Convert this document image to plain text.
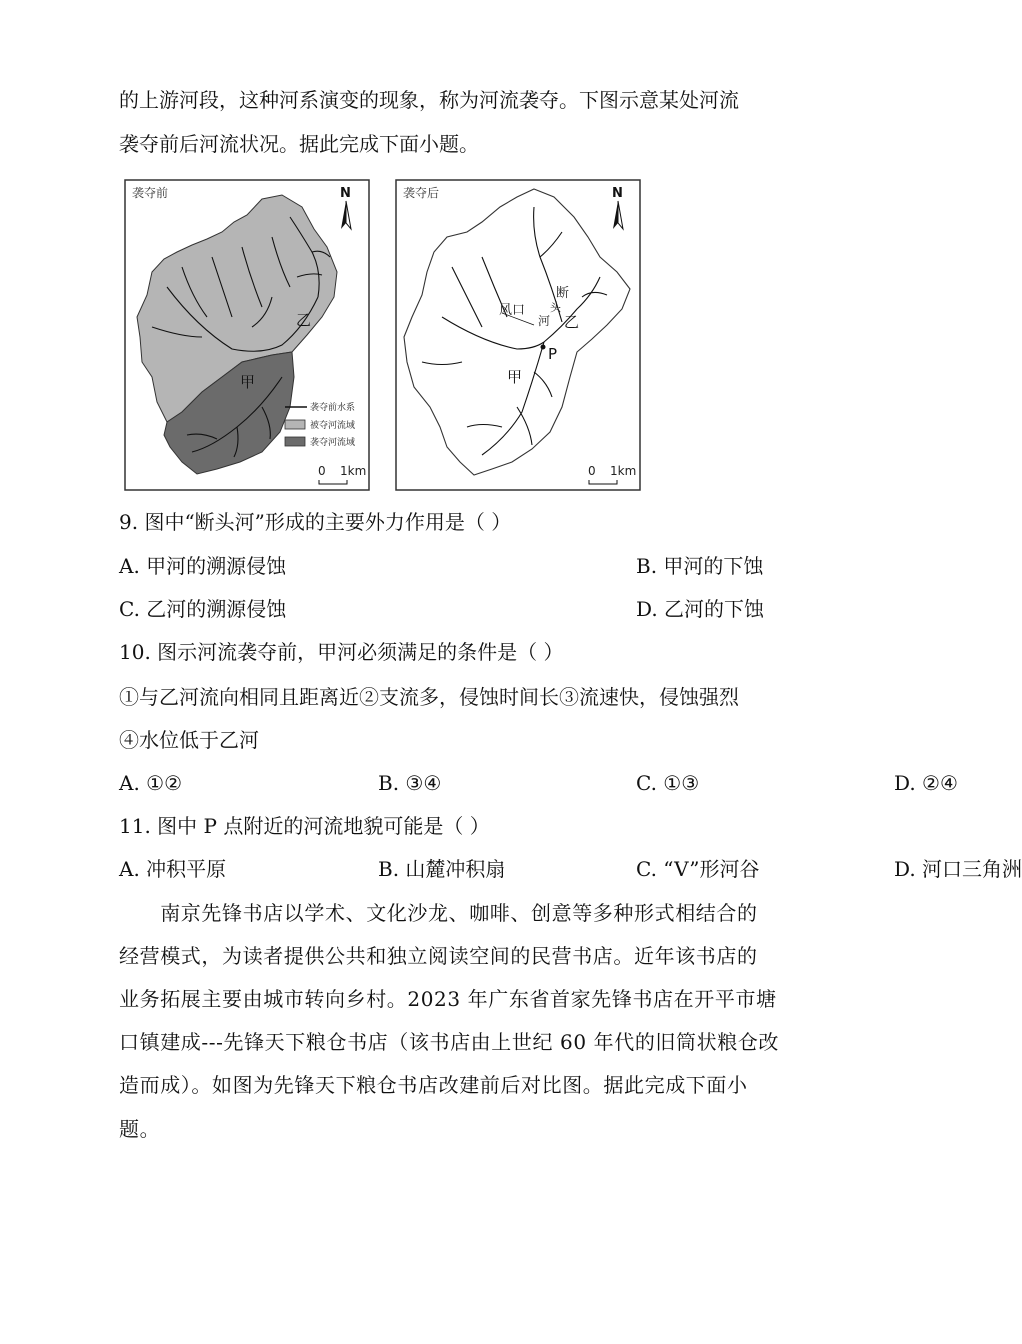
的上游河段，这种河系演变的现象，称为河流袭夺。下图示意某处河流
袭夺前后河流状况。据此完成下面小题。
袭夺前	N
乙
甲
袭夺前水系
被夺河流域
袭夺河流域
0 1km
袭夺后	N
风口
断
头
河 乙
P
甲
0 1km
9. 图中“断头河”形成的主要外力作用是（ ）
A. 甲河的溯源侵蚀	B. 甲河的下蚀
C. 乙河的溯源侵蚀	D. 乙河的下蚀
10. 图示河流袭夺前，甲河必须满足的条件是（ ）
①与乙河流向相同且距离近②支流多，侵蚀时间长③流速快，侵蚀强烈
④水位低于乙河
A. ①②	B. ③④	C. ①③	D. ②④
11. 图中 P 点附近的河流地貌可能是（ ）
A. 冲积平原	B. 山麓冲积扇	C. “V”形河谷	D. 河口三角洲
　　南京先锋书店以学术、文化沙龙、咖啡、创意等多种形式相结合的
经营模式，为读者提供公共和独立阅读空间的民营书店。近年该书店的
业务拓展主要由城市转向乡村。2023 年广东省首家先锋书店在开平市塘
口镇建成---先锋天下粮仓书店（该书店由上世纪 60 年代的旧筒状粮仓改
造而成）。如图为先锋天下粮仓书店改建前后对比图。据此完成下面小
题。
